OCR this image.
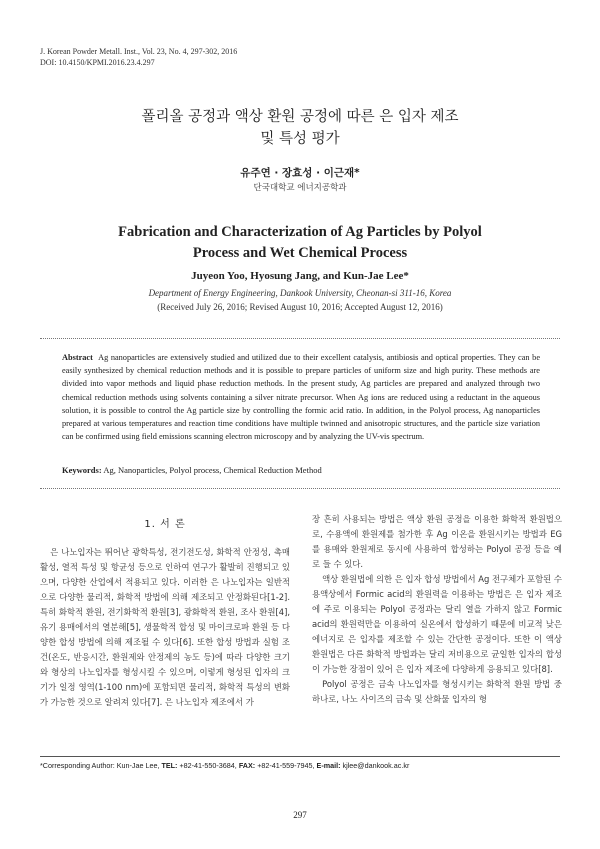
J. Korean Powder Metall. Inst., Vol. 23, No. 4, 297-302, 2016
DOI: 10.4150/KPMI.2016.23.4.297
폴리올 공정과 액상 환원 공정에 따른 은 입자 제조
및 특성 평가
유주연 · 장효성 · 이근재*
단국대학교 에너지공학과
Fabrication and Characterization of Ag Particles by Polyol
Process and Wet Chemical Process
Juyeon Yoo, Hyosung Jang, and Kun-Jae Lee*
Department of Energy Engineering, Dankook University, Cheonan-si 311-16, Korea
(Received July 26, 2016; Revised August 10, 2016; Accepted August 12, 2016)
Abstract Ag nanoparticles are extensively studied and utilized due to their excellent catalysis, antibiosis and optical properties. They can be easily synthesized by chemical reduction methods and it is possible to prepare particles of uniform size and high purity. These methods are divided into vapor methods and liquid phase reduction methods. In the present study, Ag particles are prepared and analyzed through two chemical reduction methods using solvents containing a silver nitrate precursor. When Ag ions are reduced using a reductant in the aqueous solution, it is possible to control the Ag particle size by controlling the formic acid ratio. In addition, in the Polyol process, Ag nanoparticles prepared at various temperatures and reaction time conditions have multiple twinned and anisotropic structures, and the particle size variation can be confirmed using field emissions scanning electron microscopy and by analyzing the UV-vis spectrum.
Keywords: Ag, Nanoparticles, Polyol process, Chemical Reduction Method
1. 서 론

은 나노입자는 뛰어난 광학특성, 전기전도성, 화학적 안정성, 촉매활성, 열적 특성 및 항균성 등으로 인하여 연구가 활발히 진행되고 있으며, 다양한 산업에서 적용되고 있다. 이러한 은 나노입자는 일반적으로 다양한 물리적, 화학적 방법에 의해 제조되고 안정화된다[1-2]. 특히 화학적 환원, 전기화학적 환원[3], 광화학적 환원, 조사 환원[4], 유기 용매에서의 열분해[5], 생물학적 합성 및 마이크로파 환원 등 다양한 합성 방법에 의해 제조될 수 있다[6]. 또한 합성 방법과 실험 조건(온도, 반응시간, 환원제와 안정제의 농도 등)에 따라 다양한 크기와 형상의 나노입자를 형성시킬 수 있으며, 이렇게 형성된 입자의 크기가 일정 영역(1-100 nm)에 포함되면 물리적, 화학적 특성의 변화가 가능한 것으로 알려져 있다[7]. 은 나노입자 제조에서 가

장 흔히 사용되는 방법은 액상 환원 공정을 이용한 화학적 환원법으로, 수용액에 환원제를 첨가한 후 Ag 이온을 환원시키는 방법과 EG를 용매와 환원제로 동시에 사용하여 합성하는 Polyol 공정 등을 예로 들 수 있다.

액상 환원법에 의한 은 입자 합성 방법에서 Ag 전구체가 포함된 수용액상에서 Formic acid의 환원력을 이용하는 방법은 은 입자 제조에 주로 이용되는 Polyol 공정과는 달리 열을 가하지 않고 Formic acid의 환원력만을 이용하여 실온에서 합성하기 때문에 비교적 낮은 에너지로 은 입자를 제조할 수 있는 간단한 공정이다. 또한 이 액상 환원법은 다른 화학적 방법과는 달리 저비용으로 균일한 입자의 합성이 가능한 장점이 있어 은 입자 제조에 다양하게 응용되고 있다[8].

Polyol 공정은 금속 나노입자를 형성시키는 화학적 환원 방법 중 하나로, 나노 사이즈의 금속 및 산화물 입자의 형

*Corresponding Author: Kun-Jae Lee, TEL: +82-41-550-3684, FAX: +82-41-559-7945, E-mail: kjlee@dankook.ac.kr
297
